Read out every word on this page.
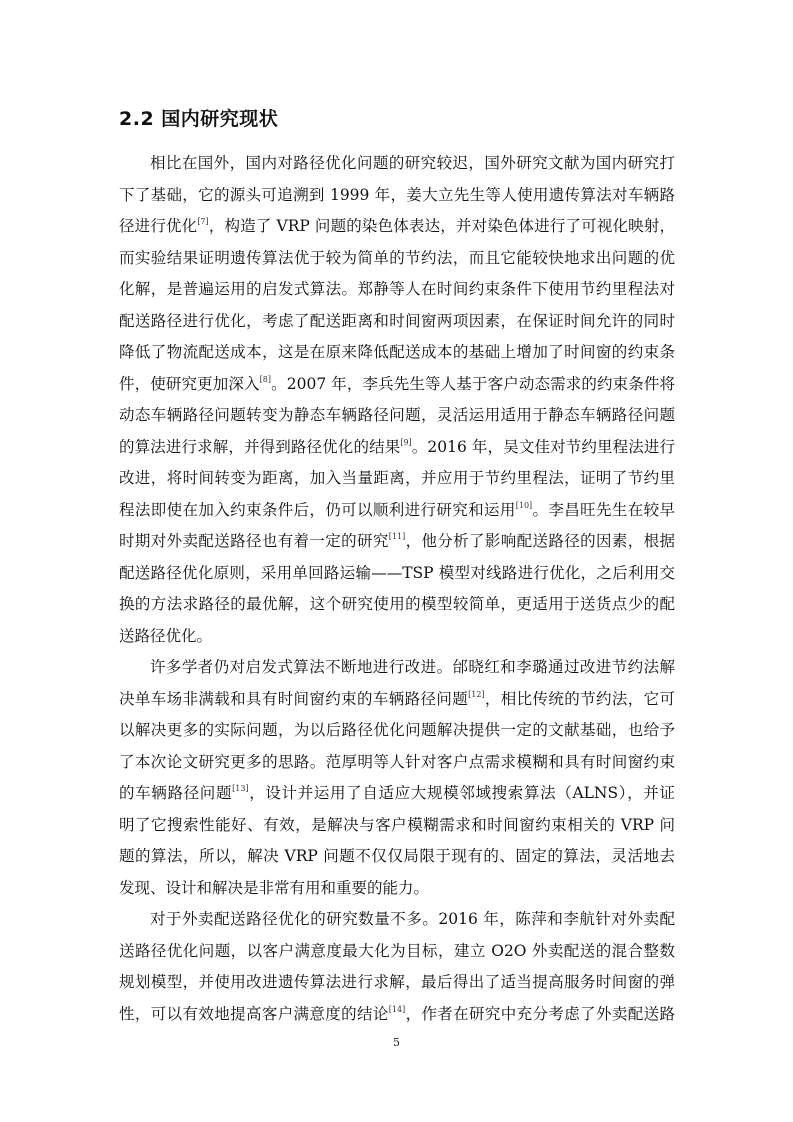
2.2 国内研究现状
相比在国外，国内对路径优化问题的研究较迟，国外研究文献为国内研究打
下了基础，它的源头可追溯到 1999 年，姜大立先生等人使用遗传算法对车辆路
径进行优化[7]，构造了 VRP 问题的染色体表达，并对染色体进行了可视化映射，
而实验结果证明遗传算法优于较为简单的节约法，而且它能较快地求出问题的优
化解，是普遍运用的启发式算法。郑静等人在时间约束条件下使用节约里程法对
配送路径进行优化，考虑了配送距离和时间窗两项因素，在保证时间允许的同时
降低了物流配送成本，这是在原来降低配送成本的基础上增加了时间窗的约束条
件，使研究更加深入[8]。2007 年，李兵先生等人基于客户动态需求的约束条件将
动态车辆路径问题转变为静态车辆路径问题，灵活运用适用于静态车辆路径问题
的算法进行求解，并得到路径优化的结果[9]。2016 年，吴文佳对节约里程法进行
改进，将时间转变为距离，加入当量距离，并应用于节约里程法，证明了节约里
程法即使在加入约束条件后，仍可以顺利进行研究和运用[10]。李昌旺先生在较早
时期对外卖配送路径也有着一定的研究[11]，他分析了影响配送路径的因素，根据
配送路径优化原则，采用单回路运输——TSP 模型对线路进行优化，之后利用交
换的方法求路径的最优解，这个研究使用的模型较简单，更适用于送货点少的配
送路径优化。
许多学者仍对启发式算法不断地进行改进。邰晓红和李璐通过改进节约法解
决单车场非满载和具有时间窗约束的车辆路径问题[12]，相比传统的节约法，它可
以解决更多的实际问题，为以后路径优化问题解决提供一定的文献基础，也给予
了本次论文研究更多的思路。范厚明等人针对客户点需求模糊和具有时间窗约束
的车辆路径问题[13]，设计并运用了自适应大规模邻域搜索算法（ALNS），并证
明了它搜索性能好、有效，是解决与客户模糊需求和时间窗约束相关的 VRP 问
题的算法，所以，解决 VRP 问题不仅仅局限于现有的、固定的算法，灵活地去
发现、设计和解决是非常有用和重要的能力。
对于外卖配送路径优化的研究数量不多。2016 年，陈萍和李航针对外卖配
送路径优化问题，以客户满意度最大化为目标，建立 O2O 外卖配送的混合整数
规划模型，并使用改进遗传算法进行求解，最后得出了适当提高服务时间窗的弹
性，可以有效地提高客户满意度的结论[14]，作者在研究中充分考虑了外卖配送路
5
